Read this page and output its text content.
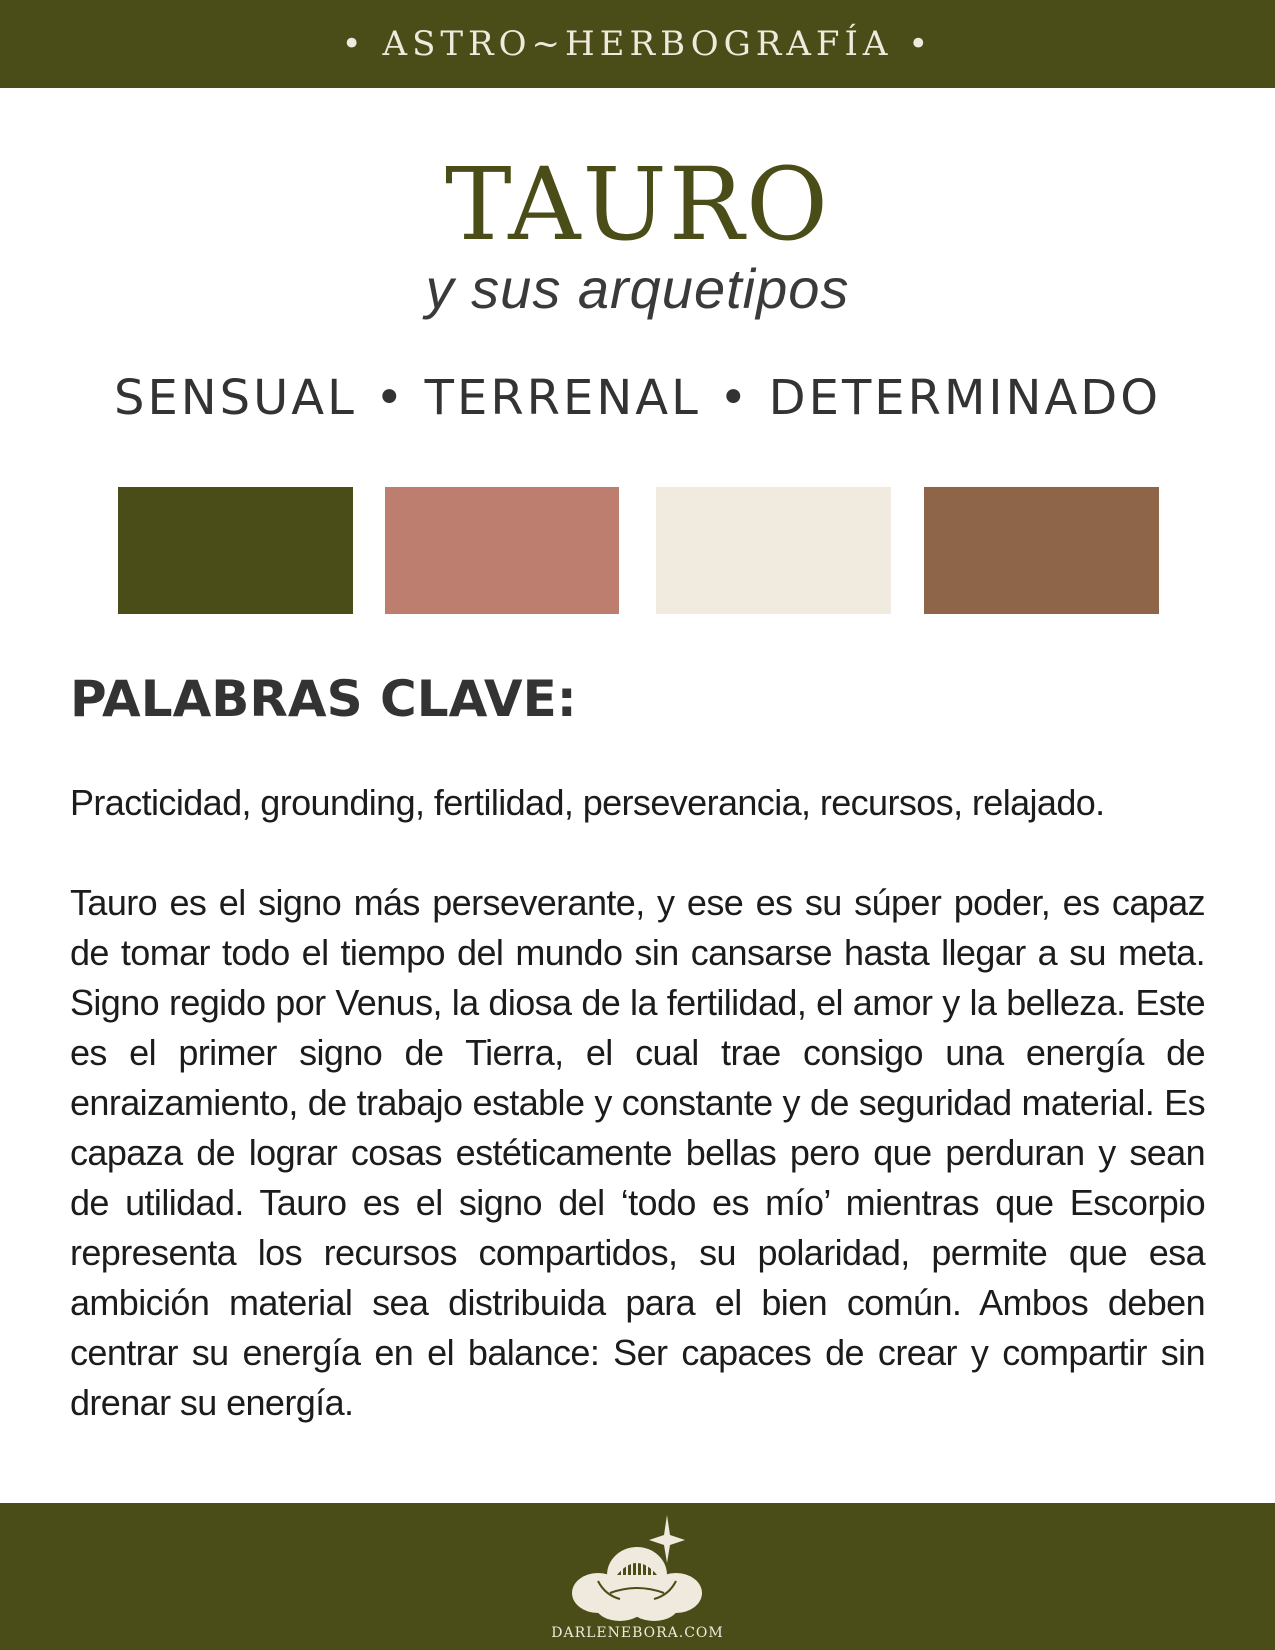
• ASTRO~HERBOGRAFÍA •
TAURO
y sus arquetipos
SENSUAL • TERRENAL • DETERMINADO
PALABRAS CLAVE:

Practicidad, grounding, fertilidad, perseverancia, recursos, relajado.

Tauro es el signo más perseverante, y ese es su súper poder, es capaz de tomar todo el tiempo del mundo sin cansarse hasta llegar a su meta. Signo regido por Venus, la diosa de la fertilidad, el amor y la belleza. Este es el primer signo de Tierra, el cual trae consigo una energía de enraizamiento, de trabajo estable y constante y de seguridad material. Es capaza de lograr cosas estéticamente bellas pero que perduran y sean de utilidad. Tauro es el signo del ‘todo es mío’ mientras que Escorpio representa los recursos compartidos, su polaridad, permite que esa ambición material sea distribuida para el bien común. Ambos deben centrar su energía en el balance: Ser capaces de crear y compartir sin drenar su energía.

DARLENEBORA.COM
